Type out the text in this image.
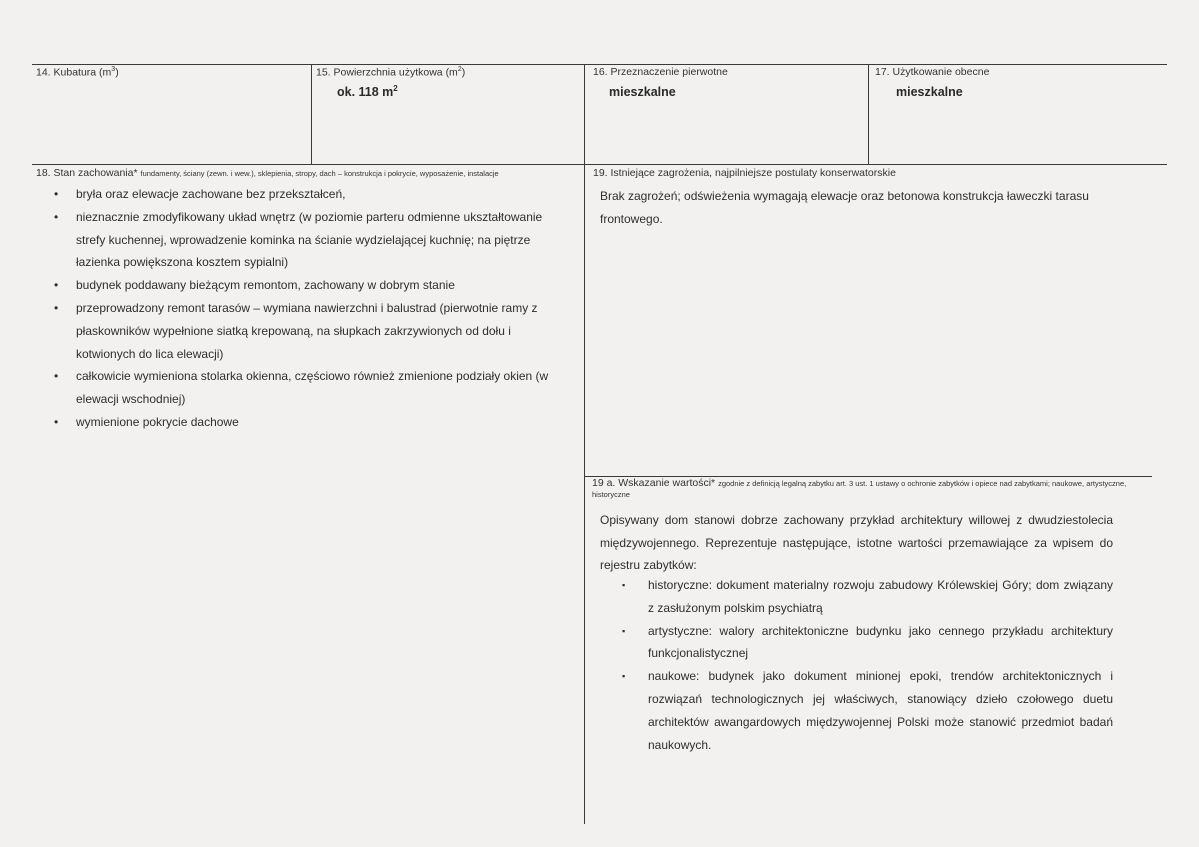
14. Kubatura $(m^3)$	15. Powierzchnia użytkowa $(m^2)$
ok. 118 $m^2$
16. Przeznaczenie pierwotne
mieszkalne
17. Użytkowanie obecne
mieszkalne
18. Stan zachowania* fundamenty, ściany (zewn. i wew.), sklepienia, stropy, dach – konstrukcja i pokrycie, wyposażenie, instalacje
• bryła oraz elewacje zachowane bez przekształceń,
• nieznacznie zmodyfikowany układ wnętrz (w poziomie parteru odmienne ukształtowanie strefy kuchennej, wprowadzenie kominka na ścianie wydzielającej kuchnię; na piętrze łazienka powiększona kosztem sypialni)
• budynek poddawany bieżącym remontom, zachowany w dobrym stanie
• przeprowadzony remont tarasów – wymiana nawierzchni i balustrad (pierwotnie ramy z płaskowników wypełnione siatką krepowaną, na słupkach zakrzywionych od dołu i kotwionych do lica elewacji)
• całkowicie wymieniona stolarka okienna, częściowo również zmienione podziały okien (w elewacji wschodniej)
• wymienione pokrycie dachowe
19. Istniejące zagrożenia, najpilniejsze postulaty konserwatorskie
Brak zagrożeń; odświeżenia wymagają elewacje oraz betonowa konstrukcja ławeczki tarasu frontowego.
19 a. Wskazanie wartości* zgodnie z definicją legalną zabytku art. 3 ust. 1 ustawy o ochronie zabytków i opiece nad zabytkami; naukowe, artystyczne, historyczne
Opisywany dom stanowi dobrze zachowany przykład architektury willowej z dwudziestolecia międzywojennego. Reprezentuje następujące, istotne wartości przemawiające za wpisem do rejestru zabytków:
▪ historyczne: dokument materialny rozwoju zabudowy Królewskiej Góry; dom związany z zasłużonym polskim psychiatrą
▪ artystyczne: walory architektoniczne budynku jako cennego przykładu architektury funkcjonalistycznej
▪ naukowe: budynek jako dokument minionej epoki, trendów architektonicznych i rozwiązań technologicznych jej właściwych, stanowiący dzieło czołowego duetu architektów awangardowych międzywojennej Polski może stanowić przedmiot badań naukowych.
